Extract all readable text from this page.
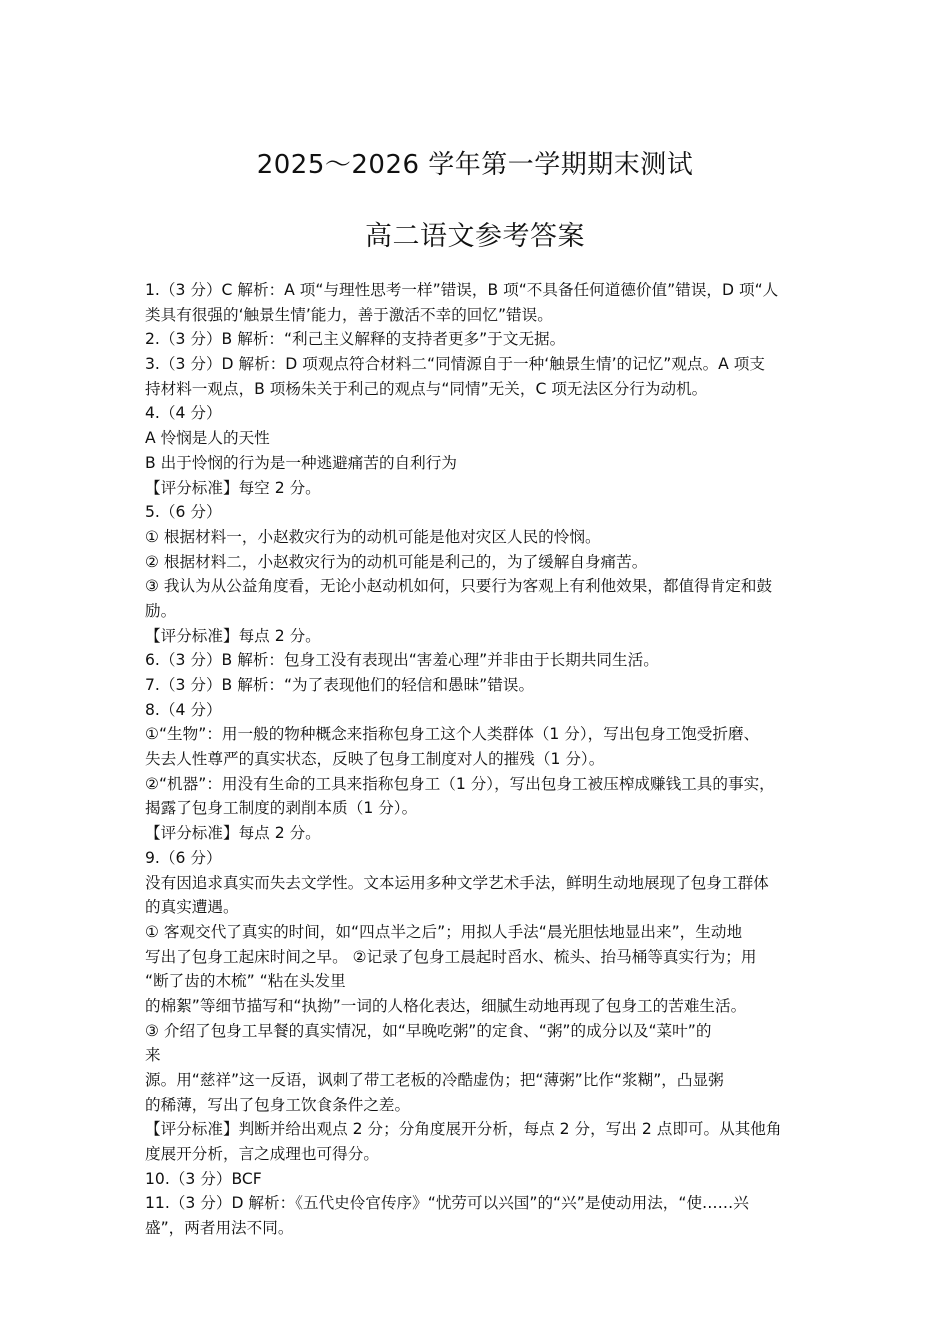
2025～2026 学年第一学期期末测试
高二语文参考答案
1.（3 分）C 解析：A 项“与理性思考一样”错误，B 项“不具备任何道德价值”错误，D 项“人
类具有很强的‘触景生情’能力，善于激活不幸的回忆”错误。
2.（3 分）B 解析：“利己主义解释的支持者更多”于文无据。
3.（3 分）D 解析：D 项观点符合材料二“同情源自于一种‘触景生情’的记忆”观点。A 项支
持材料一观点，B 项杨朱关于利己的观点与“同情”无关，C 项无法区分行为动机。
4.（4 分）
A 怜悯是人的天性
B 出于怜悯的行为是一种逃避痛苦的自利行为
【评分标准】每空 2 分。
5.（6 分）
① 根据材料一，小赵救灾行为的动机可能是他对灾区人民的怜悯。
② 根据材料二，小赵救灾行为的动机可能是利己的，为了缓解自身痛苦。
③ 我认为从公益角度看，无论小赵动机如何，只要行为客观上有利他效果，都值得肯定和鼓
励。
【评分标准】每点 2 分。
6.（3 分）B 解析：包身工没有表现出“害羞心理”并非由于长期共同生活。
7.（3 分）B 解析：“为了表现他们的轻信和愚昧”错误。
8.（4 分）
①“生物”：用一般的物种概念来指称包身工这个人类群体（1 分），写出包身工饱受折磨、
失去人性尊严的真实状态，反映了包身工制度对人的摧残（1 分）。
②“机器”：用没有生命的工具来指称包身工（1 分），写出包身工被压榨成赚钱工具的事实，
揭露了包身工制度的剥削本质（1 分）。
【评分标准】每点 2 分。
9.（6 分）
没有因追求真实而失去文学性。文本运用多种文学艺术手法，鲜明生动地展现了包身工群体
的真实遭遇。
① 客观交代了真实的时间，如“四点半之后”；用拟人手法“晨光胆怯地显出来”，生动地
写出了包身工起床时间之早。 ②记录了包身工晨起时舀水、梳头、抬马桶等真实行为；用
“断了齿的木梳” “粘在头发里
的棉絮”等细节描写和“执拗”一词的人格化表达，细腻生动地再现了包身工的苦难生活。
③ 介绍了包身工早餐的真实情况，如“早晚吃粥”的定食、“粥”的成分以及“菜叶”的
来
源。用“慈祥”这一反语，讽刺了带工老板的冷酷虚伪；把“薄粥”比作“浆糊”，凸显粥
的稀薄，写出了包身工饮食条件之差。
【评分标准】判断并给出观点 2 分；分角度展开分析，每点 2 分，写出 2 点即可。从其他角
度展开分析，言之成理也可得分。
10.（3 分）BCF
11.（3 分）D 解析：《五代史伶官传序》“忧劳可以兴国”的“兴”是使动用法，“使……兴
盛”，两者用法不同。
